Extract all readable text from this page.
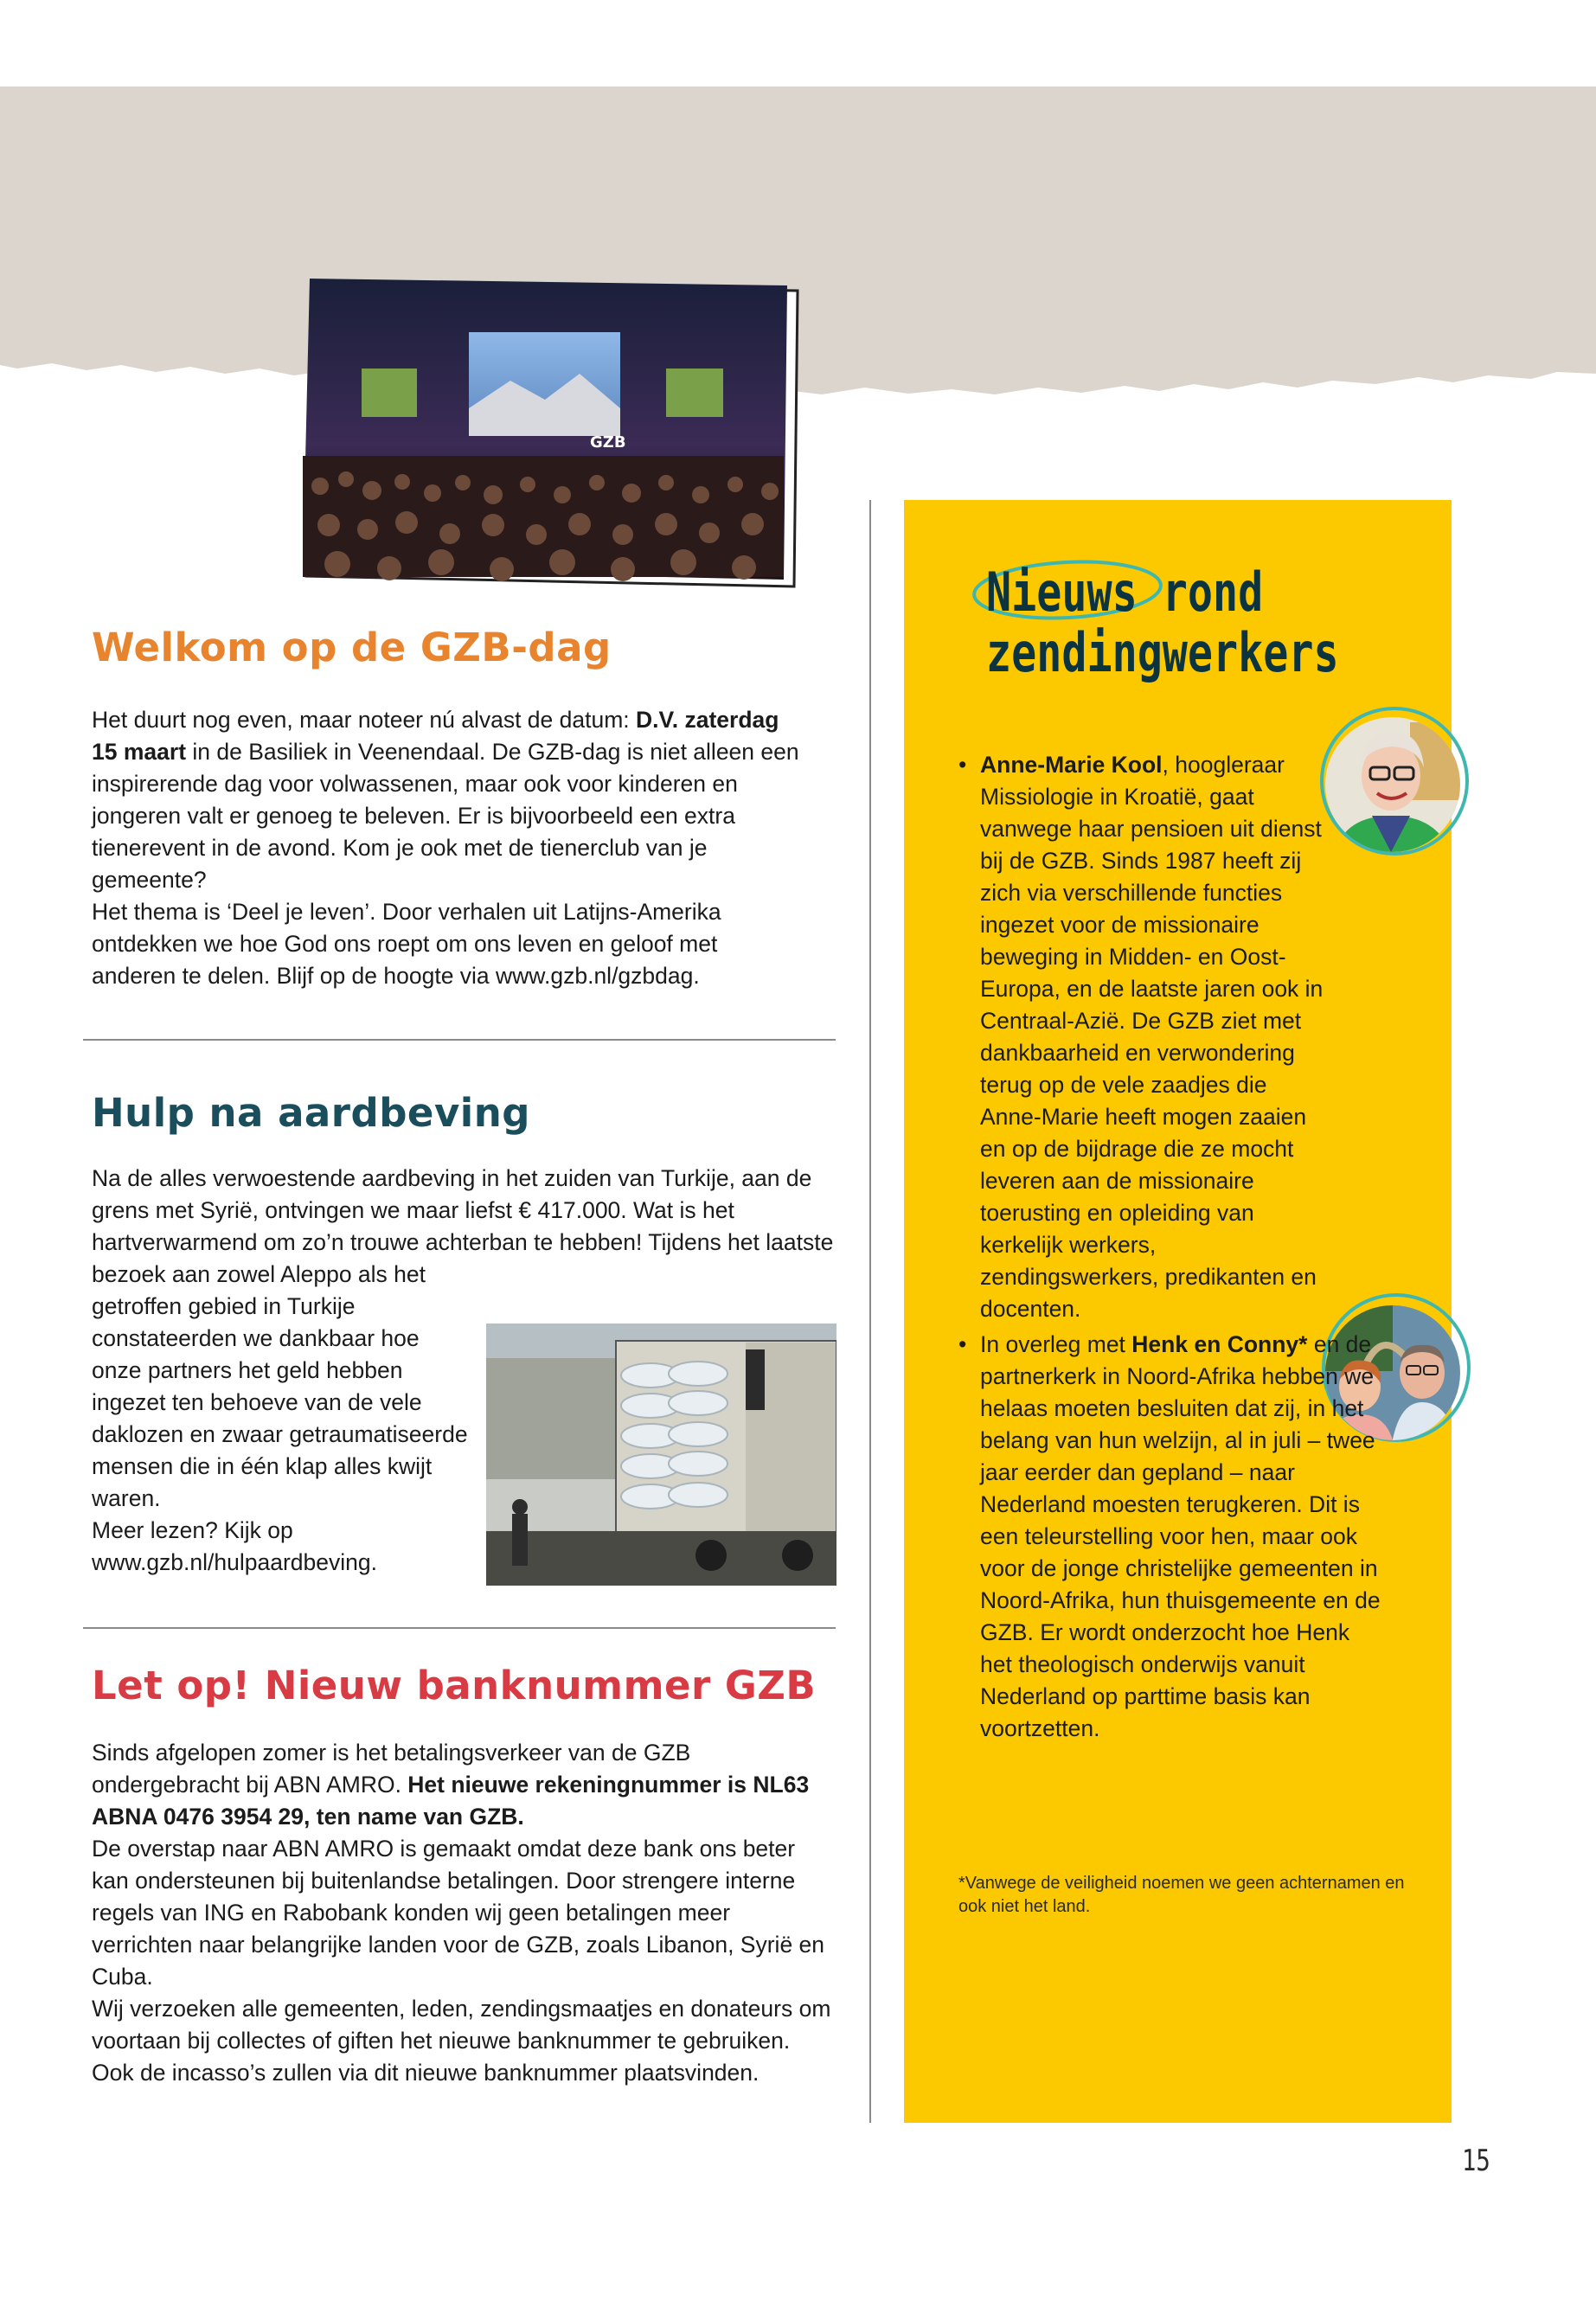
GZB
Welkom op de GZB-dag

Het duurt nog even, maar noteer nú alvast de datum: D.V. zaterdag 15 maart in de Basiliek in Veenendaal. De GZB-dag is niet alleen een inspirerende dag voor volwassenen, maar ook voor kinderen en jongeren valt er genoeg te beleven. Er is bijvoorbeeld een extra tienerevent in de avond. Kom je ook met de tienerclub van je gemeente?

Het thema is ‘Deel je leven’. Door verhalen uit Latijns-Amerika ontdekken we hoe God ons roept om ons leven en geloof met anderen te delen. Blijf op de hoogte via www.gzb.nl/gzbdag.

Hulp na aardbeving

Na de alles verwoestende aardbeving in het zuiden van Turkije, aan de grens met Syrië, ontvingen we maar liefst € 417.000. Wat is het hartverwarmend om zo’n trouwe achterban te hebben! Tijdens het laatste bezoek aan zowel Aleppo als het

getroffen gebied in Turkije constateerden we dankbaar hoe onze partners het geld hebben ingezet ten behoeve van de vele daklozen en zwaar getraumatiseerde mensen die in één klap alles kwijt waren.

Meer lezen? Kijk op www.gzb.nl/hulpaardbeving.

Let op! Nieuw banknummer GZB

Sinds afgelopen zomer is het betalingsverkeer van de GZB ondergebracht bij ABN AMRO. Het nieuwe rekeningnummer is NL63 ABNA 0476 3954 29, ten name van GZB.

De overstap naar ABN AMRO is gemaakt omdat deze bank ons beter kan ondersteunen bij buitenlandse betalingen. Door strengere interne regels van ING en Rabobank konden wij geen betalingen meer verrichten naar belangrijke landen voor de GZB, zoals Libanon, Syrië en Cuba.

Wij verzoeken alle gemeenten, leden, zendingsmaatjes en donateurs om voortaan bij collectes of giften het nieuwe banknummer te gebruiken. Ook de incasso’s zullen via dit nieuwe banknummer plaatsvinden.

Nieuws rond

zendingwerkers

• Anne-Marie Kool, hoogleraar Missiologie in Kroatië, gaat vanwege haar pensioen uit dienst bij de GZB. Sinds 1987 heeft zij zich via verschillende functies ingezet voor de missionaire beweging in Midden- en Oost-Europa, en de laatste jaren ook in Centraal-Azië. De GZB ziet met dankbaarheid en verwondering terug op de vele zaadjes die Anne-Marie heeft mogen zaaien en op de bijdrage die ze mocht leveren aan de missionaire toerusting en opleiding van kerkelijk werkers, zendingswerkers, predikanten en docenten.

• In overleg met Henk en Conny* en de partnerkerk in Noord-Afrika hebben we helaas moeten besluiten dat zij, in het belang van hun welzijn, al in juli – twee jaar eerder dan gepland – naar Nederland moesten terugkeren. Dit is een teleurstelling voor hen, maar ook voor de jonge christelijke gemeenten in Noord-Afrika, hun thuisgemeente en de GZB. Er wordt onderzocht hoe Henk het theologisch onderwijs vanuit Nederland op parttime basis kan voortzetten.

*Vanwege de veiligheid noemen we geen achternamen en ook niet het land.

15
